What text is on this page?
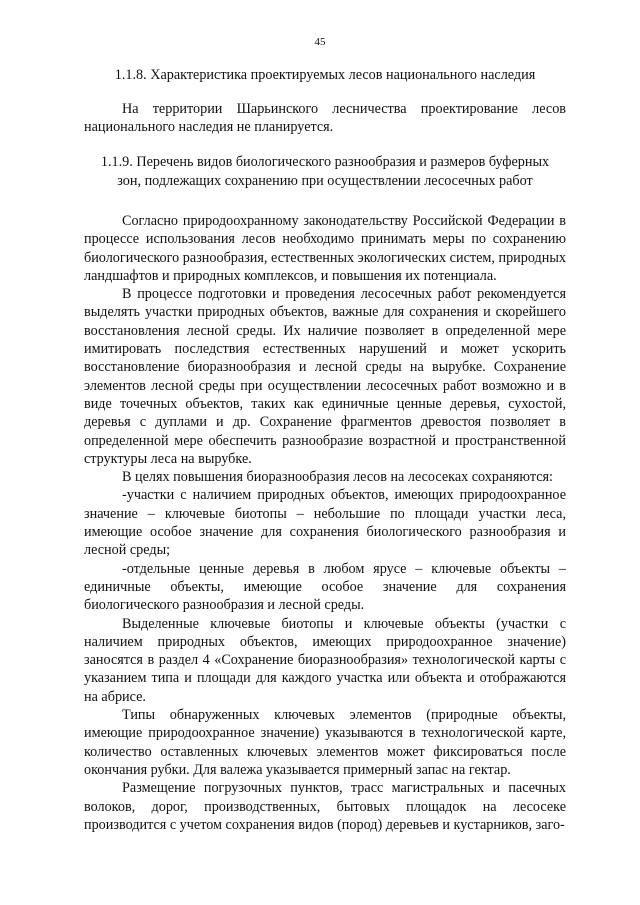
45
1.1.8. Характеристика проектируемых лесов национального наследия

На территории Шарьинского лесничества проектирование лесов национального наследия не планируется.

1.1.9. Перечень видов биологического разнообразия и размеров буферных
зон, подлежащих сохранению при осуществлении лесосечных работ

Согласно природоохранному законодательству Российской Федерации в процессе использования лесов необходимо принимать меры по сохранению биологического разнообразия, естественных экологических систем, природных ландшафтов и природных комплексов, и повышения их потенциала.

В процессе подготовки и проведения лесосечных работ рекомендуется выделять участки природных объектов, важные для сохранения и скорейшего восстановления лесной среды. Их наличие позволяет в определенной мере имитировать последствия естественных нарушений и может ускорить восстановление биоразнообразия и лесной среды на вырубке. Сохранение элементов лесной среды при осуществлении лесосечных работ возможно и в виде точечных объектов, таких как единичные ценные деревья, сухостой, деревья с дуплами и др. Сохранение фрагментов древостоя позволяет в определенной мере обеспечить разнообразие возрастной и пространственной структуры леса на вырубке.

В целях повышения биоразнообразия лесов на лесосеках сохраняются:

-участки с наличием природных объектов, имеющих природоохранное значение – ключевые биотопы – небольшие по площади участки леса, имеющие особое значение для сохранения биологического разнообразия и лесной среды;

-отдельные ценные деревья в любом ярусе – ключевые объекты – единичные объекты, имеющие особое значение для сохранения биологического разнообразия и лесной среды.

Выделенные ключевые биотопы и ключевые объекты (участки с наличием природных объектов, имеющих природоохранное значение) заносятся в раздел 4 «Сохранение биоразнообразия» технологической карты с указанием типа и площади для каждого участка или объекта и отображаются на абрисе.

Типы обнаруженных ключевых элементов (природные объекты, имеющие природоохранное значение) указываются в технологической карте, количество оставленных ключевых элементов может фиксироваться после окончания рубки. Для валежа указывается примерный запас на гектар.

Размещение погрузочных пунктов, трасс магистральных и пасечных волоков, дорог, производственных, бытовых площадок на лесосеке производится с учетом сохранения видов (пород) деревьев и кустарников, заго-
